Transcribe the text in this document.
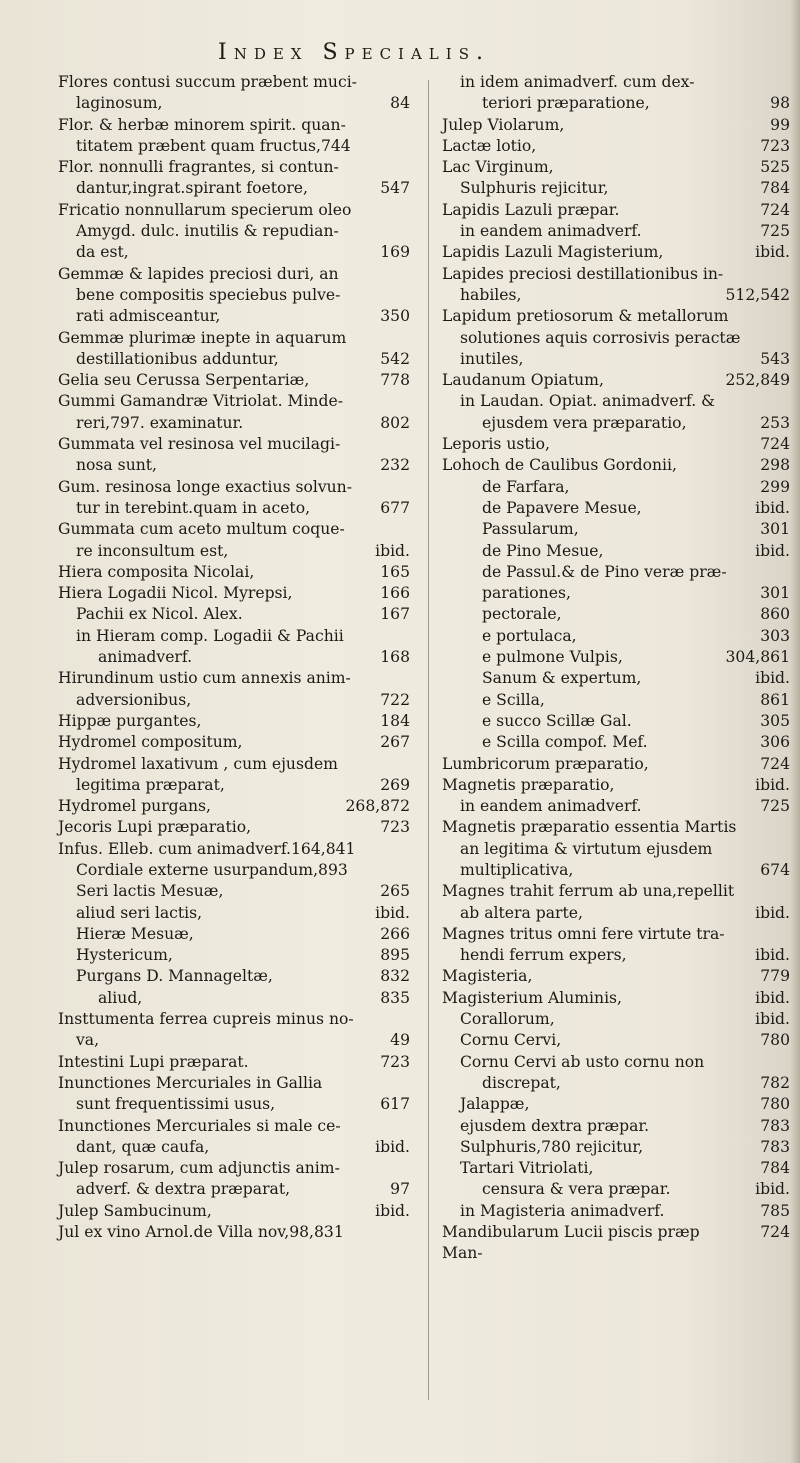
Index Specialis.
Flores contusi succum præbent muci-
laginosum,	84
Flor. & herbæ minorem spirit. quan-
titatem præbent quam fructus,744
Flor. nonnulli fragrantes, si contun-
dantur,ingrat.spirant foetore,	547
Fricatio nonnullarum specierum oleo
Amygd. dulc. inutilis & repudian-
da est,	169
Gemmæ & lapides preciosi duri, an
bene compositis speciebus pulve-
rati admisceantur,	350
Gemmæ plurimæ inepte in aquarum
destillationibus adduntur,	542
Gelia seu Cerussa Serpentariæ,	778
Gummi Gamandræ Vitriolat. Minde-
reri,797. examinatur.	802
Gummata vel resinosa vel mucilagi-
nosa sunt,	232
Gum. resinosa longe exactius solvun-
tur in terebint.quam in aceto,	677
Gummata cum aceto multum coque-
re inconsultum est,	ibid.
Hiera composita Nicolai,	165
Hiera Logadii Nicol. Myrepsi,	166
Pachii ex Nicol. Alex.	167
in Hieram comp. Logadii & Pachii
animadverf.	168
Hirundinum ustio cum annexis anim-
adversionibus,	722
Hippæ purgantes,	184
Hydromel compositum,	267
Hydromel laxativum , cum ejusdem
legitima præparat,	269
Hydromel purgans,	268,872
Jecoris Lupi præparatio,	723
Infus. Elleb. cum animadverf.164,841
Cordiale externe usurpandum,893
Seri lactis Mesuæ,	265
aliud seri lactis,	ibid.
Hieræ Mesuæ,	266
Hystericum,	895
Purgans D. Mannageltæ,	832
aliud,	835
Insttumenta ferrea cupreis minus no-
va,	49
Intestini Lupi præparat.	723
Inunctiones Mercuriales in Gallia
sunt frequentissimi usus,	617
Inunctiones Mercuriales si male ce-
dant, quæ caufa,	ibid.
Julep rosarum, cum adjunctis anim-
adverf. & dextra præparat,	97
Julep Sambucinum,	ibid.
Jul ex vino Arnol.de Villa nov,98,831
in idem animadverf. cum dex-
teriori præparatione,	98
Julep Violarum,	99
Lactæ lotio,	723
Lac Virginum,	525
Sulphuris rejicitur,	784
Lapidis Lazuli præpar.	724
in eandem animadverf.	725
Lapidis Lazuli Magisterium,	ibid.
Lapides preciosi destillationibus in-
habiles,	512,542
Lapidum pretiosorum & metallorum
solutiones aquis corrosivis peractæ
inutiles,	543
Laudanum Opiatum,	252,849
in Laudan. Opiat. animadverf. &
ejusdem vera præparatio,	253
Leporis ustio,	724
Lohoch de Caulibus Gordonii,	298
de Farfara,	299
de Papavere Mesue,	ibid.
Passularum,	301
de Pino Mesue,	ibid.
de Passul.& de Pino veræ præ-
parationes,	301
pectorale,	860
e portulaca,	303
e pulmone Vulpis,	304,861
Sanum & expertum,	ibid.
e Scilla,	861
e succo Scillæ Gal.	305
e Scilla compof. Mef.	306
Lumbricorum præparatio,	724
Magnetis præparatio,	ibid.
in eandem animadverf.	725
Magnetis præparatio essentia Martis
an legitima & virtutum ejusdem
multiplicativa,	674
Magnes trahit ferrum ab una,repellit
ab altera parte,	ibid.
Magnes tritus omni fere virtute tra-
hendi ferrum expers,	ibid.
Magisteria,	779
Magisterium Aluminis,	ibid.
Corallorum,	ibid.
Cornu Cervi,	780
Cornu Cervi ab usto cornu non
discrepat,	782
Jalappæ,	780
ejusdem dextra præpar.	783
Sulphuris,780 rejicitur,	783
Tartari Vitriolati,	784
censura & vera præpar.	ibid.
in Magisteria animadverf.	785
Mandibularum Lucii piscis præp	724
Man-
